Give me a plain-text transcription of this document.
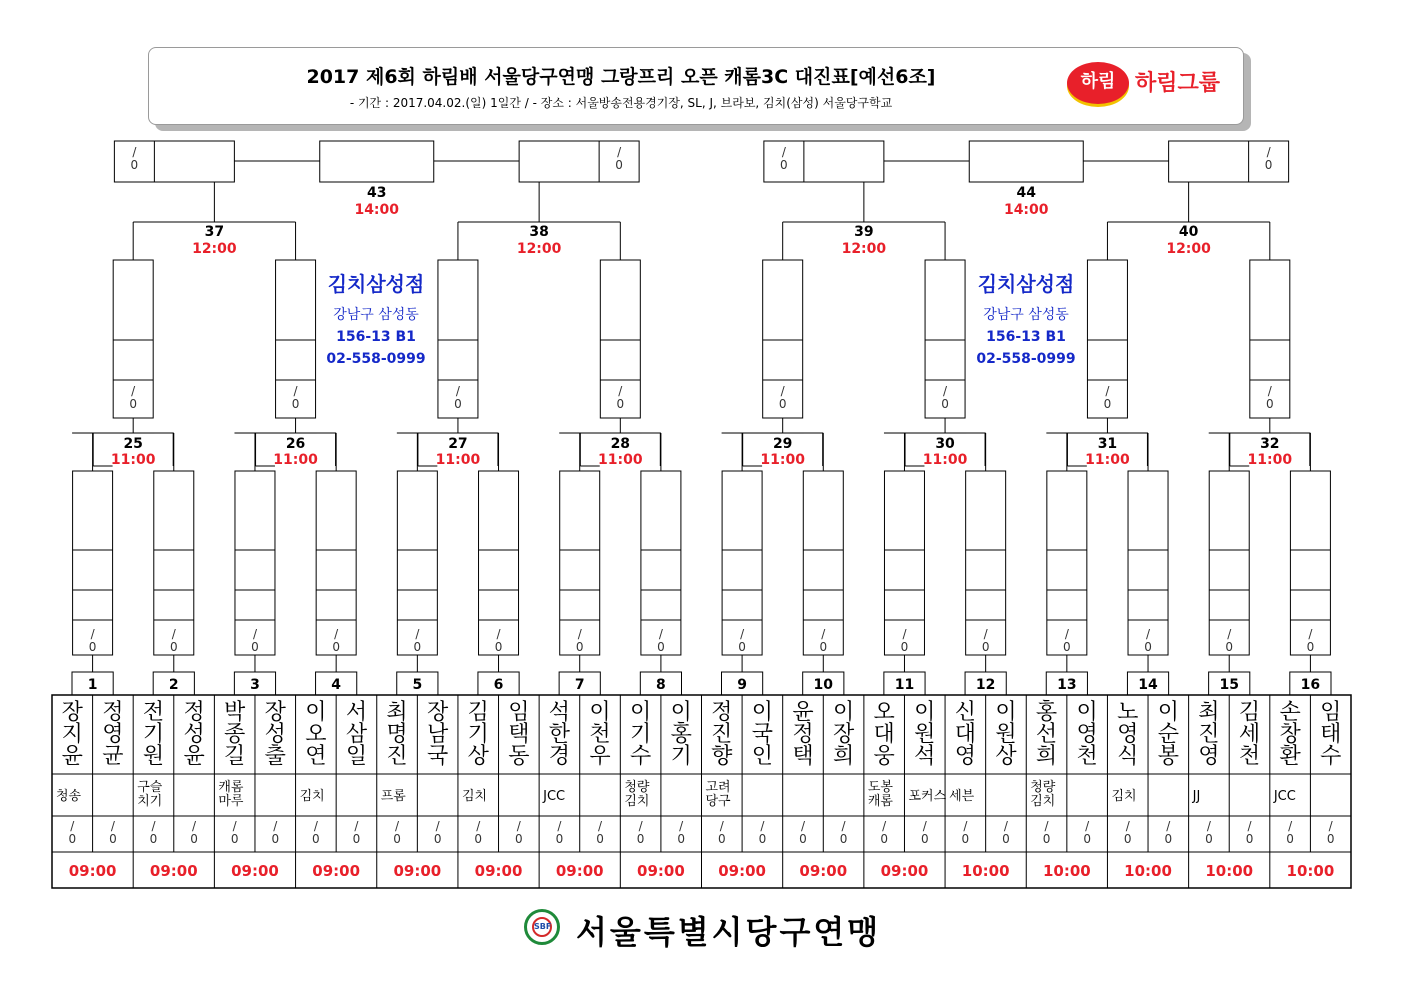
1
장
지
윤
청송
/
0
정
영
균
/
0
09:00
2
전
기
원
구슬
치기
/
0
정
성
윤
/
0
09:00
3
박
종
길
캐롬
마루
/
0
장
성
출
/
0
09:00
4
이
오
연
김치
/
0
서
삼
일
/
0
09:00
5
최
명
진
프롬
/
0
장
남
국
/
0
09:00
6
김
기
상
김치
/
0
임
택
동
/
0
09:00
7
석
한
경
JCC
/
0
이
천
우
/
0
09:00
8
이
기
수
청량
김치
/
0
이
홍
기
/
0
09:00
9
정
진
향
고려
당구
/
0
이
국
인
/
0
09:00
10
윤
정
택
/
0
이
장
희
/
0
09:00
11
오
대
웅
도봉
캐롬
/
0
이
원
석
포커스
/
0
09:00
12
신
대
영
세븐
/
0
이
원
상
/
0
10:00
13
홍
선
희
청량
김치
/
0
이
영
천
/
0
10:00
14
노
영
식
김치
/
0
이
순
봉
/
0
10:00
15
최
진
영
JJ
/
0
김
세
천
/
0
10:00
16
손
창
환
JCC
/
0
임
태
수
/
0
10:00
/
0
/
0
25
11:00
/
0
/
0
26
11:00
/
0
/
0
27
11:00
/
0
/
0
28
11:00
/
0
/
0
29
11:00
/
0
/
0
30
11:00
/
0
/
0
31
11:00
/
0
/
0
32
11:00
/
0
/
0
37
12:00
/
0
/
0
38
12:00
/
0
/
0
39
12:00
/
0
/
0
40
12:00
/
0
/
0
43
14:00
/
0
/
0
44
14:00
2017 제6회 하림배 서울당구연맹 그랑프리 오픈 캐롬3C 대진표[예선6조]
- 기간 : 2017.04.02.(일) 1일간 / - 장소 : 서울방송전용경기장, SL, J, 브라보, 김치(삼성) 서울당구학교
하림 하림그룹
김치삼성점
강남구 삼성동
156-13 B1
02-558-0999
김치삼성점
강남구 삼성동
156-13 B1
02-558-0999
SBF 서울특별시당구연맹
